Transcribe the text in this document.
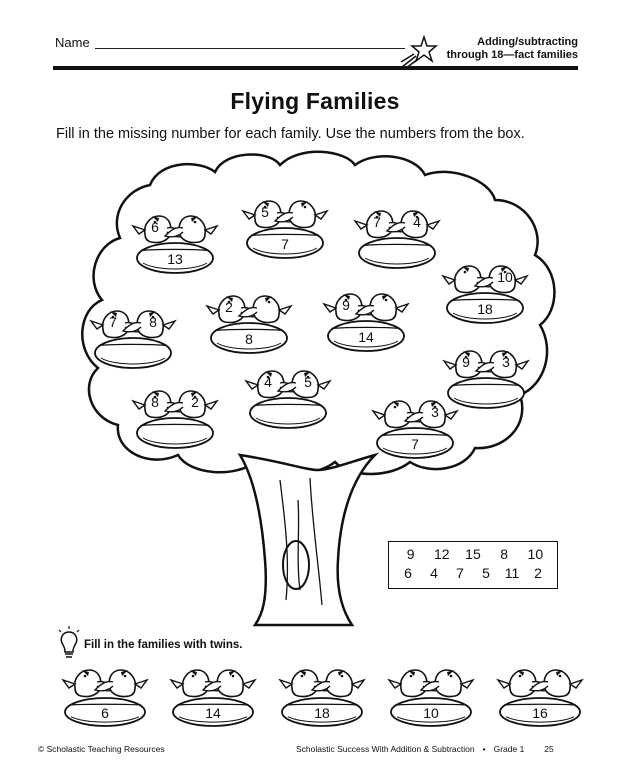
Name	Adding/subtracting
through 18—fact families
Flying Families
Fill in the missing number for each family. Use the numbers from the box.
6
13
5
7
7 4
10
18
7 8
2
8
9
14
9 3
8 2
4 5
3
7
6	14	18	10	16
9	12 15	8	10
6	4	7	5	11	2
Fill in the families with twins.
© Scholastic Teaching Resources	Scholastic Success With Addition & Subtraction • Grade 1 25
